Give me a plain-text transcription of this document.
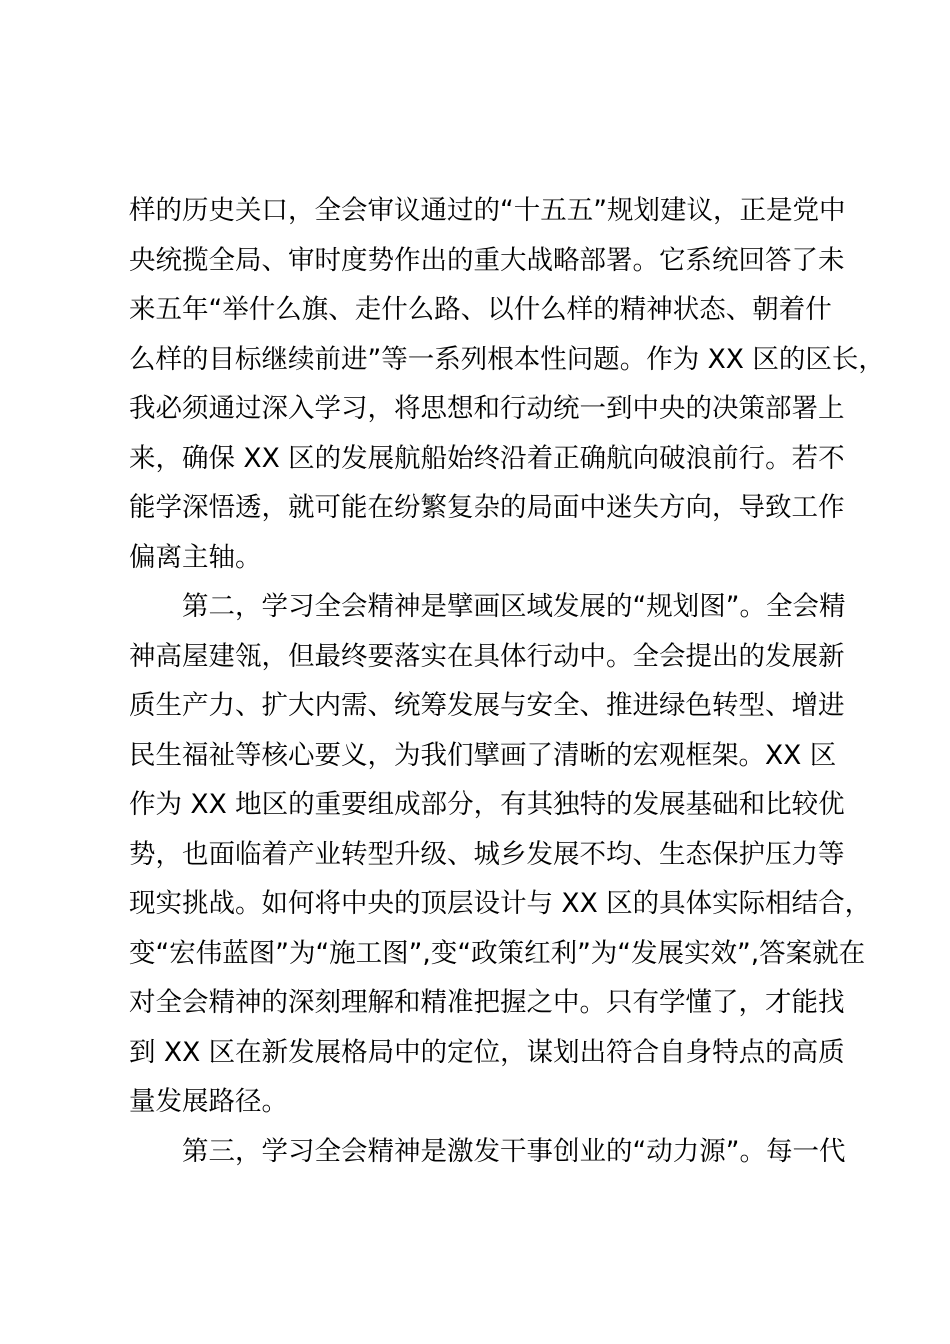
样的历史关口，全会审议通过的“十五五”规划建议，正是党中
央统揽全局、审时度势作出的重大战略部署。它系统回答了未
来五年“举什么旗、走什么路、以什么样的精神状态、朝着什
么样的目标继续前进”等一系列根本性问题。作为 XX 区的区长，
我必须通过深入学习，将思想和行动统一到中央的决策部署上
来，确保 XX 区的发展航船始终沿着正确航向破浪前行。若不
能学深悟透，就可能在纷繁复杂的局面中迷失方向，导致工作
偏离主轴。
第二，学习全会精神是擘画区域发展的“规划图”。全会精
神高屋建瓴，但最终要落实在具体行动中。全会提出的发展新
质生产力、扩大内需、统筹发展与安全、推进绿色转型、增进
民生福祉等核心要义，为我们擘画了清晰的宏观框架。XX 区
作为 XX 地区的重要组成部分，有其独特的发展基础和比较优
势，也面临着产业转型升级、城乡发展不均、生态保护压力等
现实挑战。如何将中央的顶层设计与 XX 区的具体实际相结合，
变“宏伟蓝图”为“施工图”,变“政策红利”为“发展实效”,答案就在
对全会精神的深刻理解和精准把握之中。只有学懂了，才能找
到 XX 区在新发展格局中的定位，谋划出符合自身特点的高质
量发展路径。
第三，学习全会精神是激发干事创业的“动力源”。每一代
